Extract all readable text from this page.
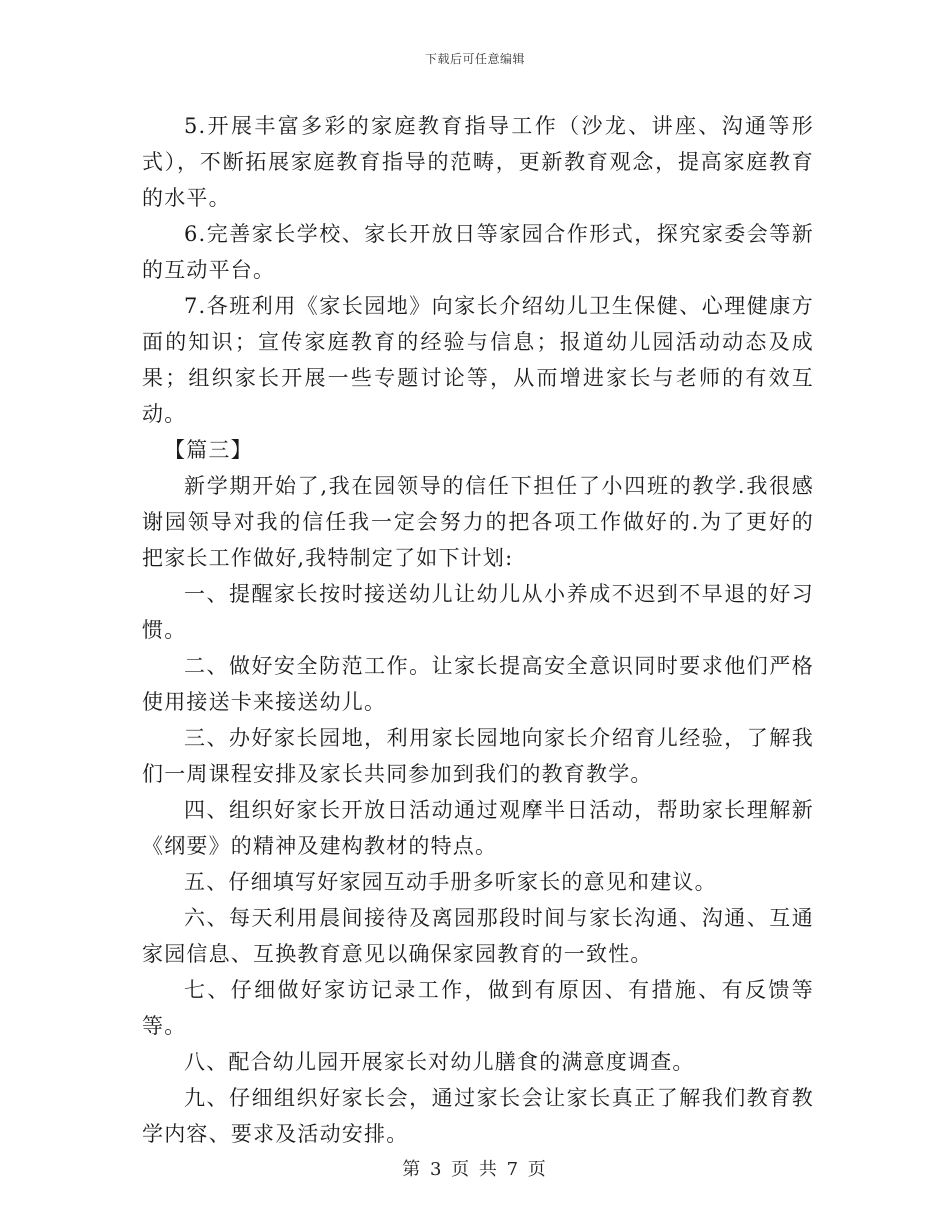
下载后可任意编辑

5.开展丰富多彩的家庭教育指导工作（沙龙、讲座、沟通等形式），不断拓展家庭教育指导的范畴，更新教育观念，提高家庭教育的水平。

6.完善家长学校、家长开放日等家园合作形式，探究家委会等新的互动平台。

7.各班利用《家长园地》向家长介绍幼儿卫生保健、心理健康方面的知识；宣传家庭教育的经验与信息；报道幼儿园活动动态及成果；组织家长开展一些专题讨论等，从而增进家长与老师的有效互动。

【篇三】

新学期开始了,我在园领导的信任下担任了小四班的教学.我很感谢园领导对我的信任我一定会努力的把各项工作做好的.为了更好的把家长工作做好,我特制定了如下计划:

一、提醒家长按时接送幼儿让幼儿从小养成不迟到不早退的好习惯。

二、做好安全防范工作。让家长提高安全意识同时要求他们严格使用接送卡来接送幼儿。

三、办好家长园地，利用家长园地向家长介绍育儿经验，了解我们一周课程安排及家长共同参加到我们的教育教学。

四、组织好家长开放日活动通过观摩半日活动，帮助家长理解新《纲要》的精神及建构教材的特点。

五、仔细填写好家园互动手册多听家长的意见和建议。

六、每天利用晨间接待及离园那段时间与家长沟通、沟通、互通家园信息、互换教育意见以确保家园教育的一致性。

七、仔细做好家访记录工作，做到有原因、有措施、有反馈等等。

八、配合幼儿园开展家长对幼儿膳食的满意度调查。

九、仔细组织好家长会，通过家长会让家长真正了解我们教育教学内容、要求及活动安排。

第 3 页 共 7 页
